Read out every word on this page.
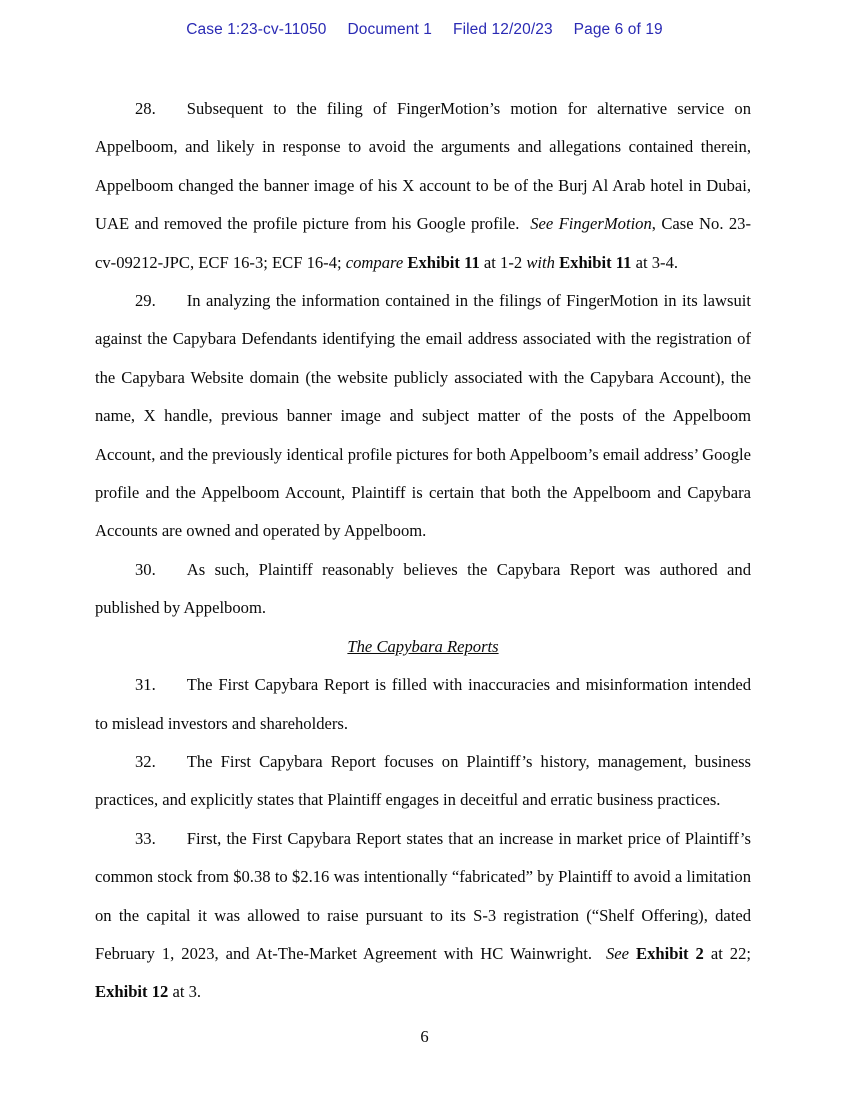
Case 1:23-cv-11050 Document 1 Filed 12/20/23 Page 6 of 19

28. Subsequent to the filing of FingerMotion’s motion for alternative service on Appelboom, and likely in response to avoid the arguments and allegations contained therein, Appelboom changed the banner image of his X account to be of the Burj Al Arab hotel in Dubai, UAE and removed the profile picture from his Google profile.  See FingerMotion, Case No. 23-cv-09212-JPC, ECF 16-3; ECF 16-4; compare Exhibit 11 at 1-2 with Exhibit 11 at 3-4.

29. In analyzing the information contained in the filings of FingerMotion in its lawsuit against the Capybara Defendants identifying the email address associated with the registration of the Capybara Website domain (the website publicly associated with the Capybara Account), the name, X handle, previous banner image and subject matter of the posts of the Appelboom Account, and the previously identical profile pictures for both Appelboom’s email address’ Google profile and the Appelboom Account, Plaintiff is certain that both the Appelboom and Capybara Accounts are owned and operated by Appelboom.

30. As such, Plaintiff reasonably believes the Capybara Report was authored and published by Appelboom.

The Capybara Reports

31. The First Capybara Report is filled with inaccuracies and misinformation intended to mislead investors and shareholders.

32. The First Capybara Report focuses on Plaintiff’s history, management, business practices, and explicitly states that Plaintiff engages in deceitful and erratic business practices.

33. First, the First Capybara Report states that an increase in market price of Plaintiff’s common stock from $0.38 to $2.16 was intentionally “fabricated” by Plaintiff to avoid a limitation on the capital it was allowed to raise pursuant to its S-3 registration (“Shelf Offering), dated February 1, 2023, and At-The-Market Agreement with HC Wainwright.  See Exhibit 2 at 22; Exhibit 12 at 3.

6
